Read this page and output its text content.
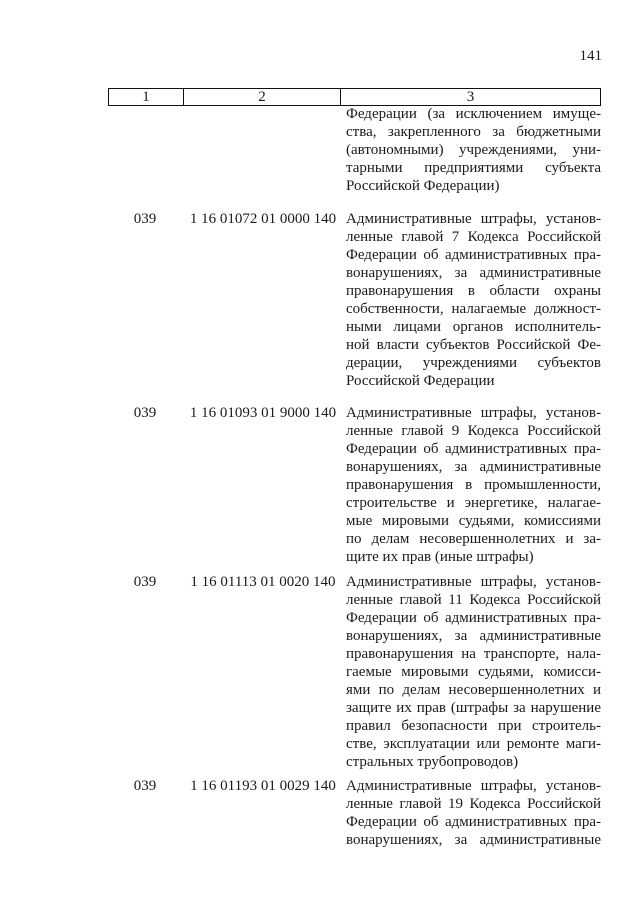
141
1	2	3
Федерации (за исключением имуще-
ства, закрепленного за бюджетными
(автономными) учреждениями, уни-
тарными предприятиями субъекта
Российской Федерации)
039	1 16 01072 01 0000 140 Административные штрафы, установ-
ленные главой 7 Кодекса Российской
Федерации об административных пра-
вонарушениях, за административные
правонарушения в области охраны
собственности, налагаемые должност-
ными лицами органов исполнитель-
ной власти субъектов Российской Фе-
дерации, учреждениями субъектов
Российской Федерации
039	1 16 01093 01 9000 140 Административные штрафы, установ-
ленные главой 9 Кодекса Российской
Федерации об административных пра-
вонарушениях, за административные
правонарушения в промышленности,
строительстве и энергетике, налагае-
мые мировыми судьями, комиссиями
по делам несовершеннолетних и за-
щите их прав (иные штрафы)
039	1 16 01113 01 0020 140 Административные штрафы, установ-
ленные главой 11 Кодекса Российской
Федерации об административных пра-
вонарушениях, за административные
правонарушения на транспорте, нала-
гаемые мировыми судьями, комисси-
ями по делам несовершеннолетних и
защите их прав (штрафы за нарушение
правил безопасности при строитель-
стве, эксплуатации или ремонте маги-
стральных трубопроводов)
039	1 16 01193 01 0029 140 Административные штрафы, установ-
ленные главой 19 Кодекса Российской
Федерации об административных пра-
вонарушениях, за административные
